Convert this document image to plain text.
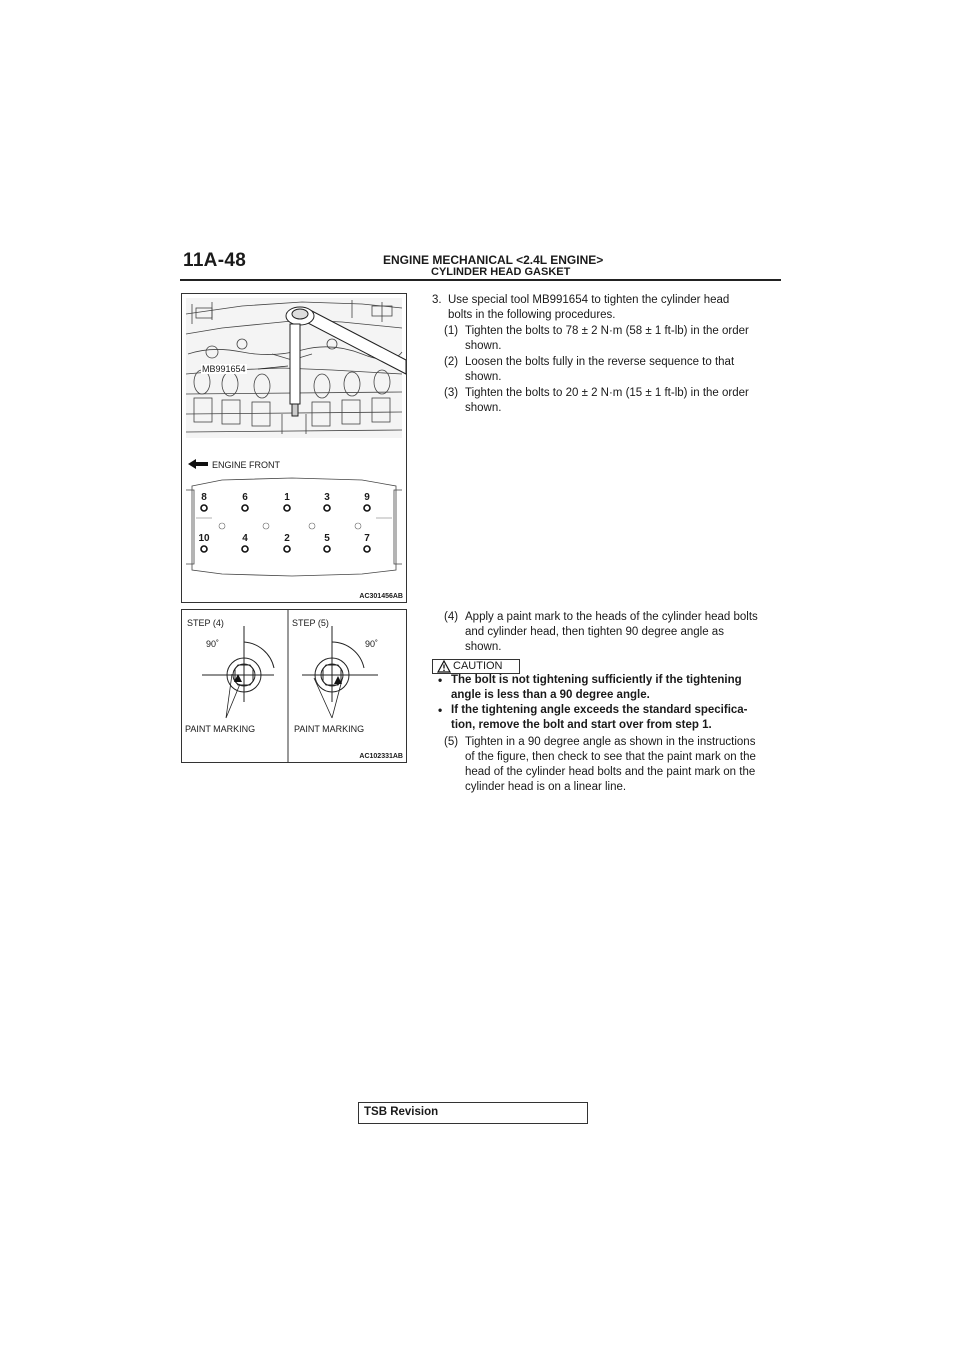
11A-48	ENGINE MECHANICAL <2.4L ENGINE>
CYLINDER HEAD GASKET
MB991654
ENGINE FRONT
8	6	1	3	9
10	4	2	5	7
AC301456AB
STEP (4)	STEP (5)
90˚	90˚
PAINT MARKING	PAINT MARKING
AC102331AB
3. Use special tool MB991654 to tighten the cylinder head
bolts in the following procedures.
(1) Tighten the bolts to 78 ± 2 N·m (58 ± 1 ft-lb) in the order
shown.
(2) Loosen the bolts fully in the reverse sequence to that
shown.
(3) Tighten the bolts to 20 ± 2 N·m (15 ± 1 ft-lb) in the order
shown.
(4) Apply a paint mark to the heads of the cylinder head bolts
and cylinder head, then tighten 90 degree angle as
shown.
CAUTION
• The bolt is not tightening sufficiently if the tightening
angle is less than a 90 degree angle.
• If the tightening angle exceeds the standard specifica-
tion, remove the bolt and start over from step 1.
(5) Tighten in a 90 degree angle as shown in the instructions
of the figure, then check to see that the paint mark on the
head of the cylinder head bolts and the paint mark on the
cylinder head is on a linear line.
TSB Revision
